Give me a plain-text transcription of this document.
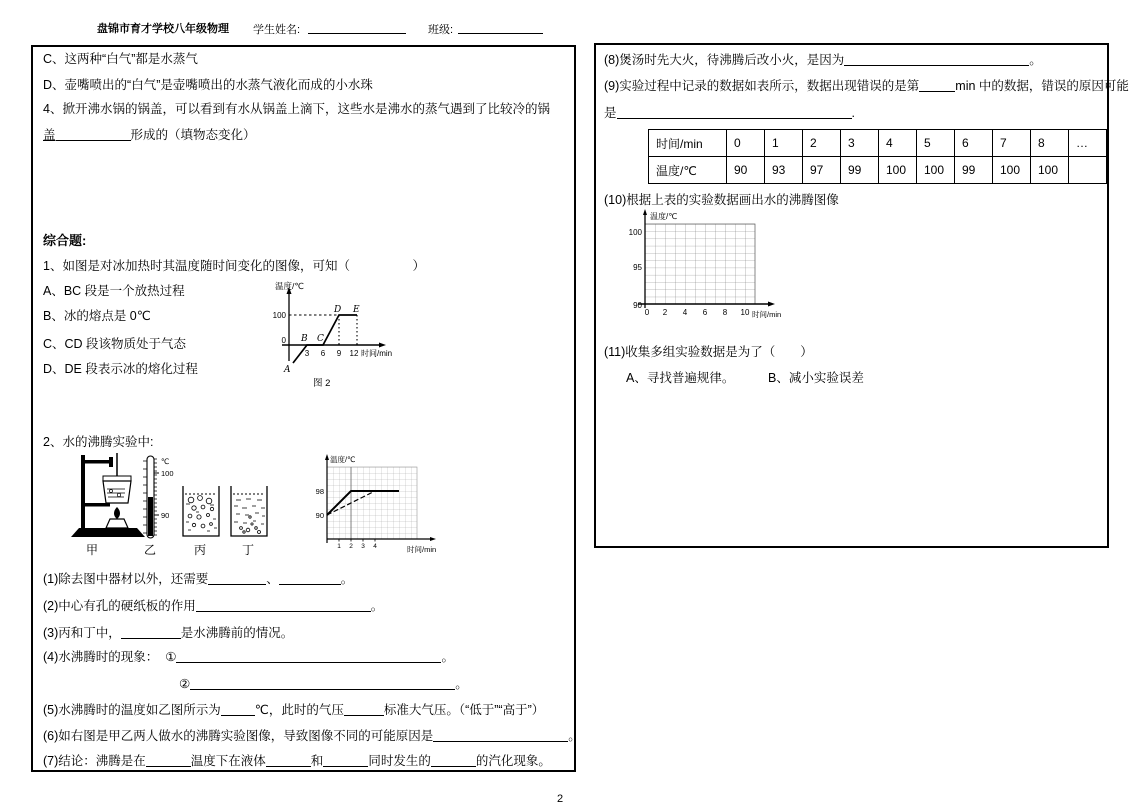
盘锦市育才学校八年级物理 学生姓名:	班级:
C、这两种“白气”都是水蒸气
D、壶嘴喷出的“白气”是壶嘴喷出的水蒸气液化而成的小水珠
4、掀开沸水锅的锅盖，可以看到有水从锅盖上滴下，这些水是沸水的蒸气遇到了比较冷的锅
盖	形成的（填物态变化）
综合题:
1、如图是对冰加热时其温度随时间变化的图像，可知（　　　　　）
A、BC 段是一个放热过程
B、冰的熔点是 0℃
C、CD 段该物质处于气态
D、DE 段表示冰的熔化过程
温度/℃
100
0
3 6 9 12 时间/min
B C
D E
A
图 2
2、水的沸腾实验中:
℃
100
90
温度/℃
98
90
1 2 3 4	时间/min
甲	乙	丙	丁
(1)除去图中器材以外，还需要	、	。
(2)中心有孔的硬纸板的作用	。
(3)丙和丁中，	是水沸腾前的情况。
(4)水沸腾时的现象： ①	。
②	。
(5)水沸腾时的温度如乙图所示为	℃，此时的气压	标准大气压。（“低于”“高于”）
(6)如右图是甲乙两人做水的沸腾实验图像，导致图像不同的可能原因是	。
(7)结论：沸腾是在	温度下在液体	和	同时发生的	的汽化现象。
(8)煲汤时先大火，待沸腾后改小火，是因为	。
(9)实验过程中记录的数据如表所示，数据出现错误的是第	min 中的数据，错误的原因可能
是	.
时间/min	0	1	2	3	4	5	6	7	8	…
温度/℃	90	93	97	99	100	100	99	100	100	
(10)根据上表的实验数据画出水的沸腾图像
温度/℃
100
95
90
0 2 4 6 8 10 时间/min
(11)收集多组实验数据是为了（　　）
A、寻找普遍规律。	B、减小实验误差
2
